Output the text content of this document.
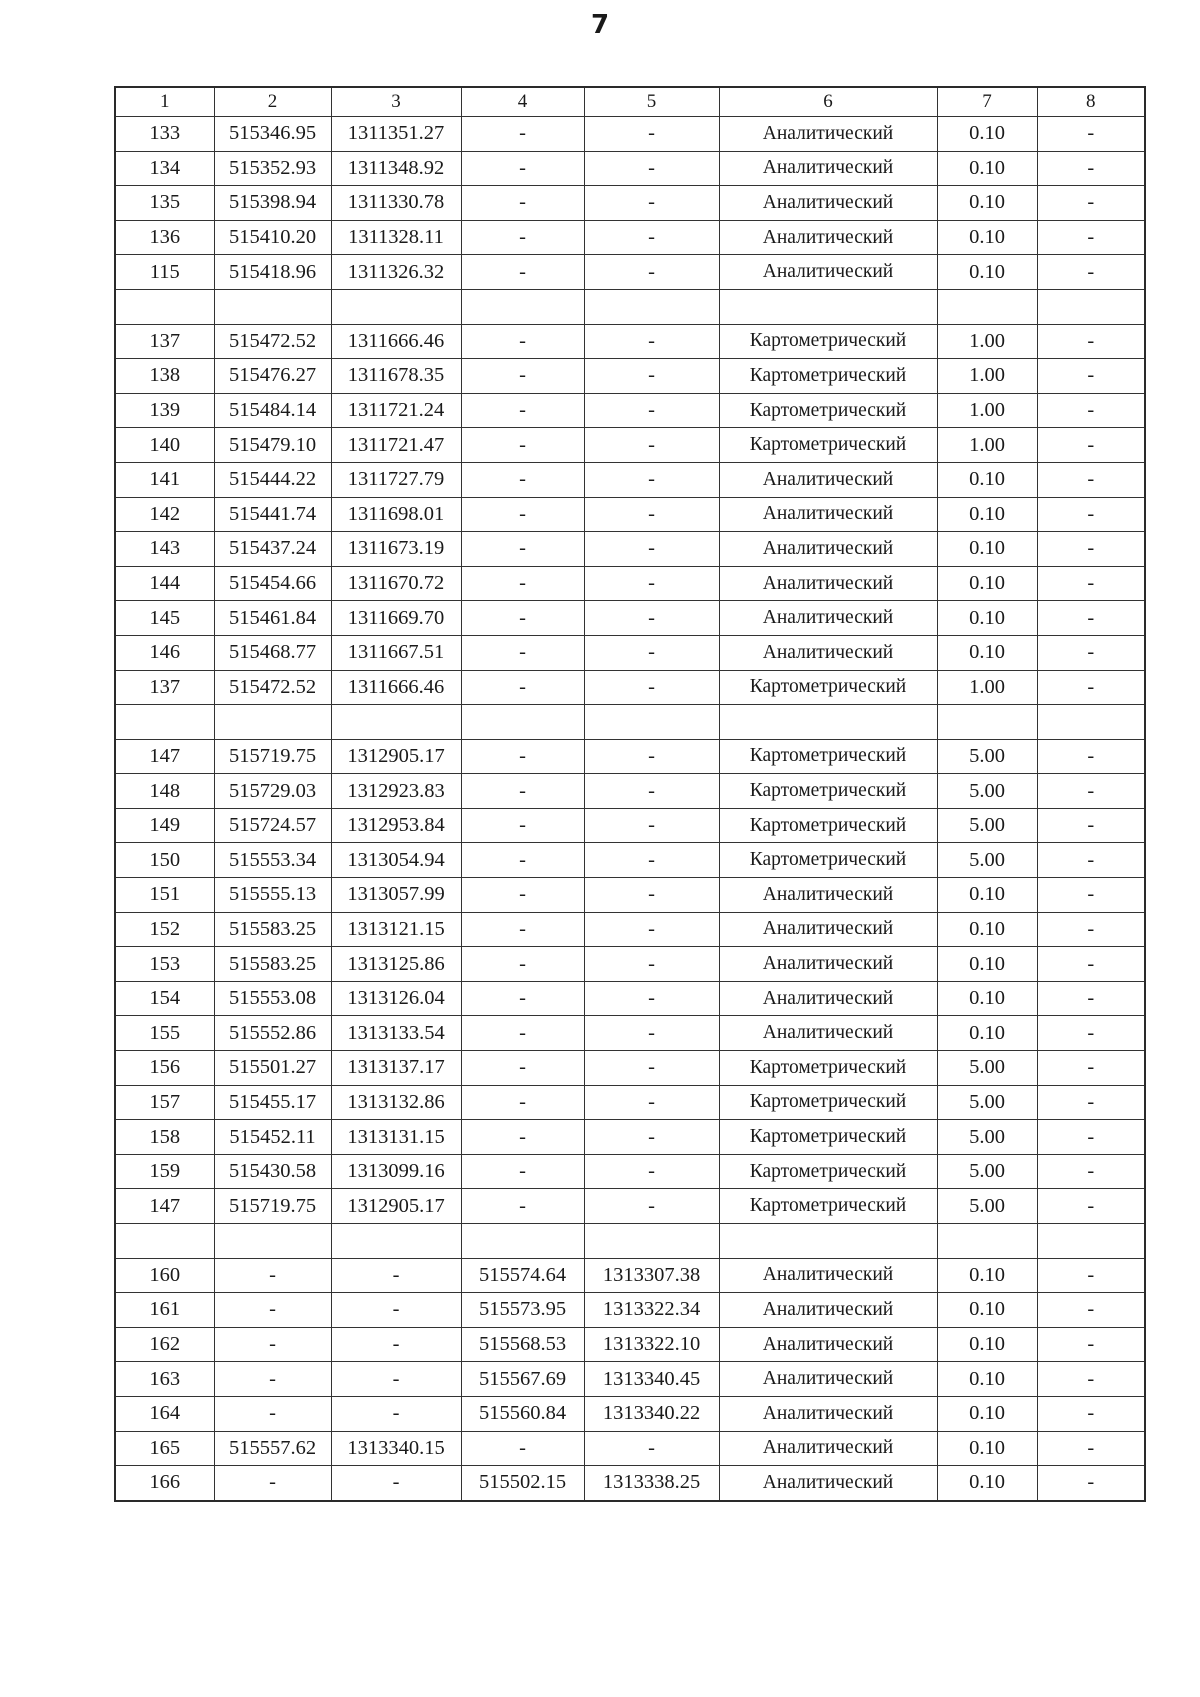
7
1	2	3	4	5	6	7	8
133	515346.95	1311351.27	-	-	Аналитический	0.10	-
134	515352.93	1311348.92	-	-	Аналитический	0.10	-
135	515398.94	1311330.78	-	-	Аналитический	0.10	-
136	515410.20	1311328.11	-	-	Аналитический	0.10	-
115	515418.96	1311326.32	-	-	Аналитический	0.10	-

137	515472.52	1311666.46	-	-	Картометрический	1.00	-
138	515476.27	1311678.35	-	-	Картометрический	1.00	-
139	515484.14	1311721.24	-	-	Картометрический	1.00	-
140	515479.10	1311721.47	-	-	Картометрический	1.00	-
141	515444.22	1311727.79	-	-	Аналитический	0.10	-
142	515441.74	1311698.01	-	-	Аналитический	0.10	-
143	515437.24	1311673.19	-	-	Аналитический	0.10	-
144	515454.66	1311670.72	-	-	Аналитический	0.10	-
145	515461.84	1311669.70	-	-	Аналитический	0.10	-
146	515468.77	1311667.51	-	-	Аналитический	0.10	-
137	515472.52	1311666.46	-	-	Картометрический	1.00	-

147	515719.75	1312905.17	-	-	Картометрический	5.00	-
148	515729.03	1312923.83	-	-	Картометрический	5.00	-
149	515724.57	1312953.84	-	-	Картометрический	5.00	-
150	515553.34	1313054.94	-	-	Картометрический	5.00	-
151	515555.13	1313057.99	-	-	Аналитический	0.10	-
152	515583.25	1313121.15	-	-	Аналитический	0.10	-
153	515583.25	1313125.86	-	-	Аналитический	0.10	-
154	515553.08	1313126.04	-	-	Аналитический	0.10	-
155	515552.86	1313133.54	-	-	Аналитический	0.10	-
156	515501.27	1313137.17	-	-	Картометрический	5.00	-
157	515455.17	1313132.86	-	-	Картометрический	5.00	-
158	515452.11	1313131.15	-	-	Картометрический	5.00	-
159	515430.58	1313099.16	-	-	Картометрический	5.00	-
147	515719.75	1312905.17	-	-	Картометрический	5.00	-

160	-	-	515574.64	1313307.38	Аналитический	0.10	-
161	-	-	515573.95	1313322.34	Аналитический	0.10	-
162	-	-	515568.53	1313322.10	Аналитический	0.10	-
163	-	-	515567.69	1313340.45	Аналитический	0.10	-
164	-	-	515560.84	1313340.22	Аналитический	0.10	-
165	515557.62	1313340.15	-	-	Аналитический	0.10	-
166	-	-	515502.15	1313338.25	Аналитический	0.10	-
